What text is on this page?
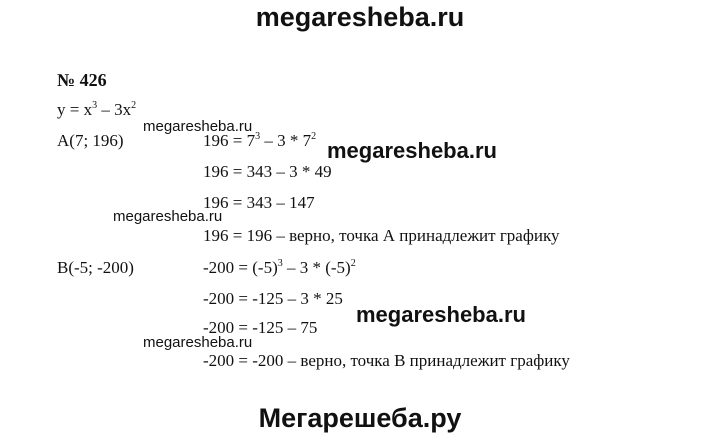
megaresheba.ru
№ 426
$y = x^3 - 3x^2$
megaresheba.ru
A(7; 196)	$196 = 7^3 - 3 * 7^2$
megaresheba.ru
196 = 343 – 3 * 49
196 = 343 – 147
megaresheba.ru
196 = 196 – верно, точка А принадлежит графику
B(-5; -200)	$-200 = (-5)^3 - 3 * (-5)^2$
-200 = -125 – 3 * 25
megaresheba.ru
-200 = -125 – 75
megaresheba.ru
-200 = -200 – верно, точка В принадлежит графику
Мегарешеба.ру
